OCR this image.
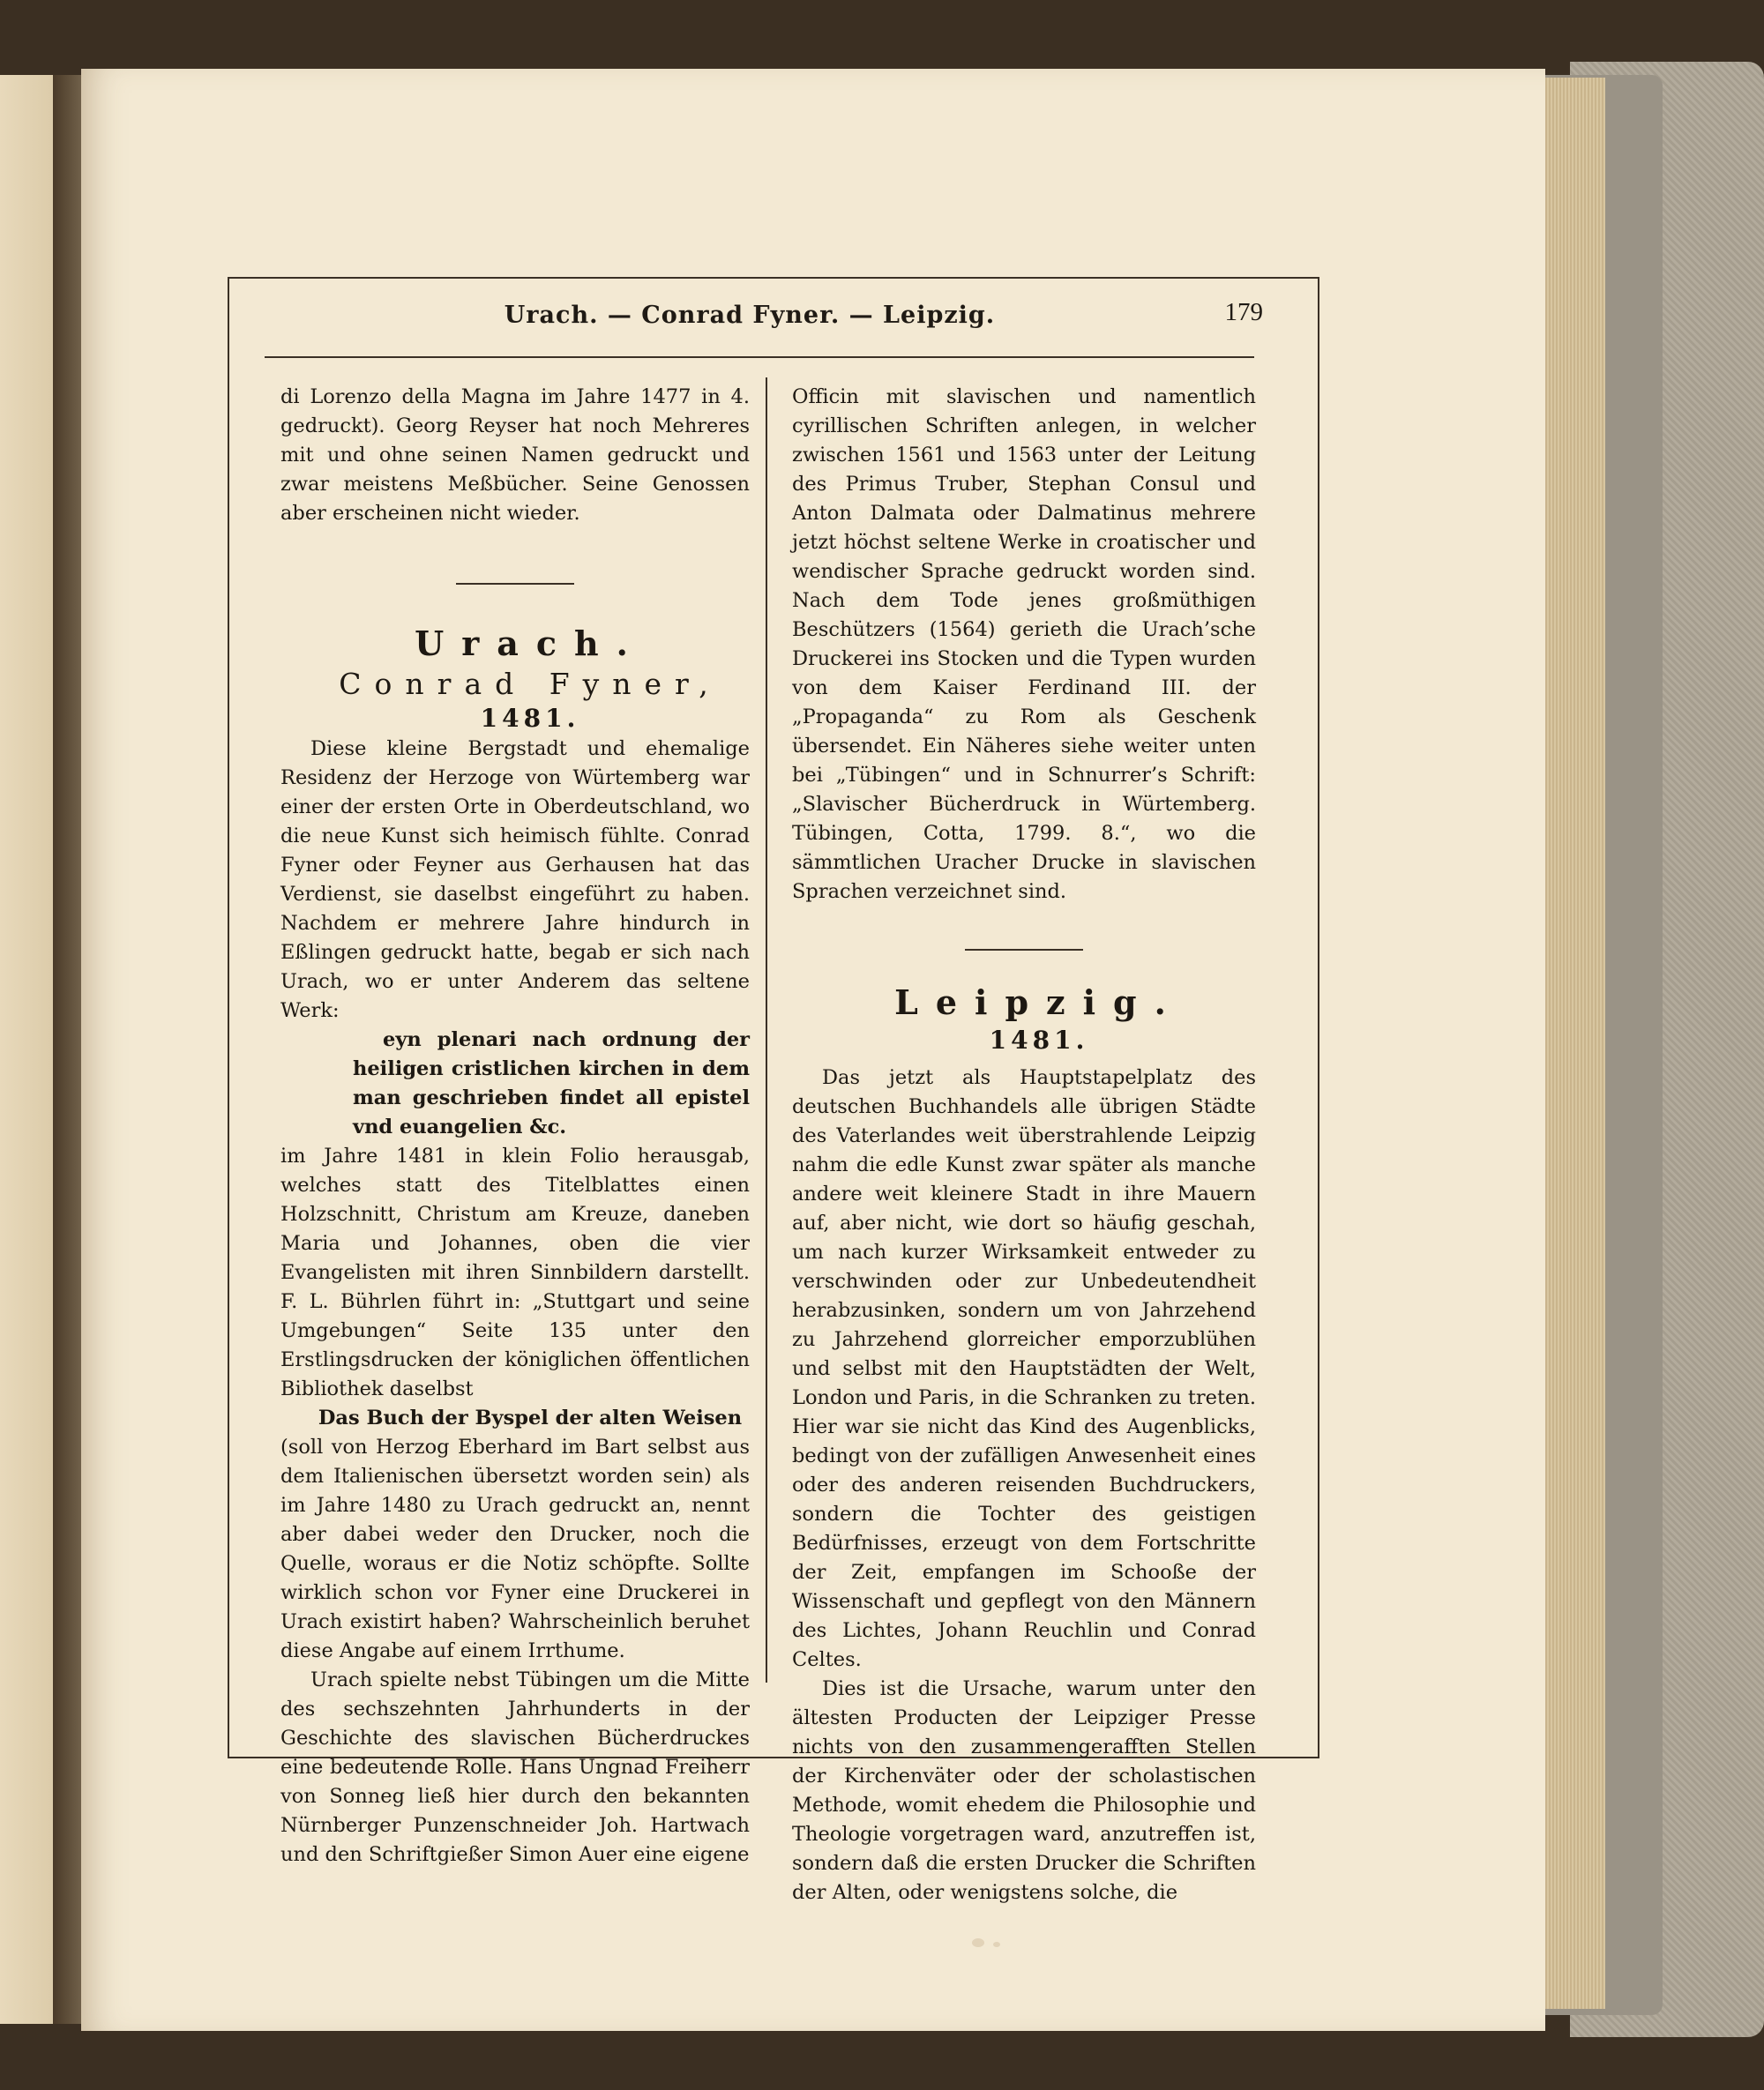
Urach. — Conrad Fyner. — Leipzig.	179

di Lorenzo della Magna im Jahre 1477 in 4. gedruckt). Georg Reyser hat noch Mehreres mit und ohne seinen Namen gedruckt und zwar meistens Meßbücher. Seine Genossen aber erscheinen nicht wieder.

Urach.

Conrad Fyner,

1481.

Diese kleine Bergstadt und ehemalige Residenz der Herzoge von Würtemberg war einer der ersten Orte in Oberdeutschland, wo die neue Kunst sich heimisch fühlte. Conrad Fyner oder Feyner aus Gerhausen hat das Verdienst, sie daselbst eingeführt zu haben. Nachdem er mehrere Jahre hindurch in Eßlingen gedruckt hatte, begab er sich nach Urach, wo er unter Anderem das seltene Werk:

eyn plenari nach ordnung der heiligen cristlichen kirchen in dem man geschrieben findet all epistel vnd euangelien &c.

im Jahre 1481 in klein Folio herausgab, welches statt des Titelblattes einen Holzschnitt, Christum am Kreuze, daneben Maria und Johannes, oben die vier Evangelisten mit ihren Sinnbildern darstellt. F. L. Bührlen führt in: „Stuttgart und seine Umgebungen“ Seite 135 unter den Erstlingsdrucken der königlichen öffentlichen Bibliothek daselbst

Das Buch der Byspel der alten Weisen

(soll von Herzog Eberhard im Bart selbst aus dem Italienischen übersetzt worden sein) als im Jahre 1480 zu Urach gedruckt an, nennt aber dabei weder den Drucker, noch die Quelle, woraus er die Notiz schöpfte. Sollte wirklich schon vor Fyner eine Druckerei in Urach existirt haben? Wahrscheinlich beruhet diese Angabe auf einem Irrthume.

Urach spielte nebst Tübingen um die Mitte des sechszehnten Jahrhunderts in der Geschichte des slavischen Bücherdruckes eine bedeutende Rolle. Hans Ungnad Freiherr von Sonneg ließ hier durch den bekannten Nürnberger Punzenschneider Joh. Hartwach und den Schriftgießer Simon Auer eine eigene

Officin mit slavischen und namentlich cyrillischen Schriften anlegen, in welcher zwischen 1561 und 1563 unter der Leitung des Primus Truber, Stephan Consul und Anton Dalmata oder Dalmatinus mehrere jetzt höchst seltene Werke in croatischer und wendischer Sprache gedruckt worden sind. Nach dem Tode jenes großmüthigen Beschützers (1564) gerieth die Urach’sche Druckerei ins Stocken und die Typen wurden von dem Kaiser Ferdinand III. der „Propaganda“ zu Rom als Geschenk übersendet. Ein Näheres siehe weiter unten bei „Tübingen“ und in Schnurrer’s Schrift: „Slavischer Bücherdruck in Würtemberg. Tübingen, Cotta, 1799. 8.“, wo die sämmtlichen Uracher Drucke in slavischen Sprachen verzeichnet sind.

Leipzig.

1481.

Das jetzt als Hauptstapelplatz des deutschen Buchhandels alle übrigen Städte des Vaterlandes weit überstrahlende Leipzig nahm die edle Kunst zwar später als manche andere weit kleinere Stadt in ihre Mauern auf, aber nicht, wie dort so häufig geschah, um nach kurzer Wirksamkeit entweder zu verschwinden oder zur Unbedeutendheit herabzusinken, sondern um von Jahrzehend zu Jahrzehend glorreicher emporzublühen und selbst mit den Hauptstädten der Welt, London und Paris, in die Schranken zu treten. Hier war sie nicht das Kind des Augenblicks, bedingt von der zufälligen Anwesenheit eines oder des anderen reisenden Buchdruckers, sondern die Tochter des geistigen Bedürfnisses, erzeugt von dem Fortschritte der Zeit, empfangen im Schooße der Wissenschaft und gepflegt von den Männern des Lichtes, Johann Reuchlin und Conrad Celtes.

Dies ist die Ursache, warum unter den ältesten Producten der Leipziger Presse nichts von den zusammengerafften Stellen der Kirchenväter oder der scholastischen Methode, womit ehedem die Philosophie und Theologie vorgetragen ward, anzutreffen ist, sondern daß die ersten Drucker die Schriften der Alten, oder wenigstens solche, die
